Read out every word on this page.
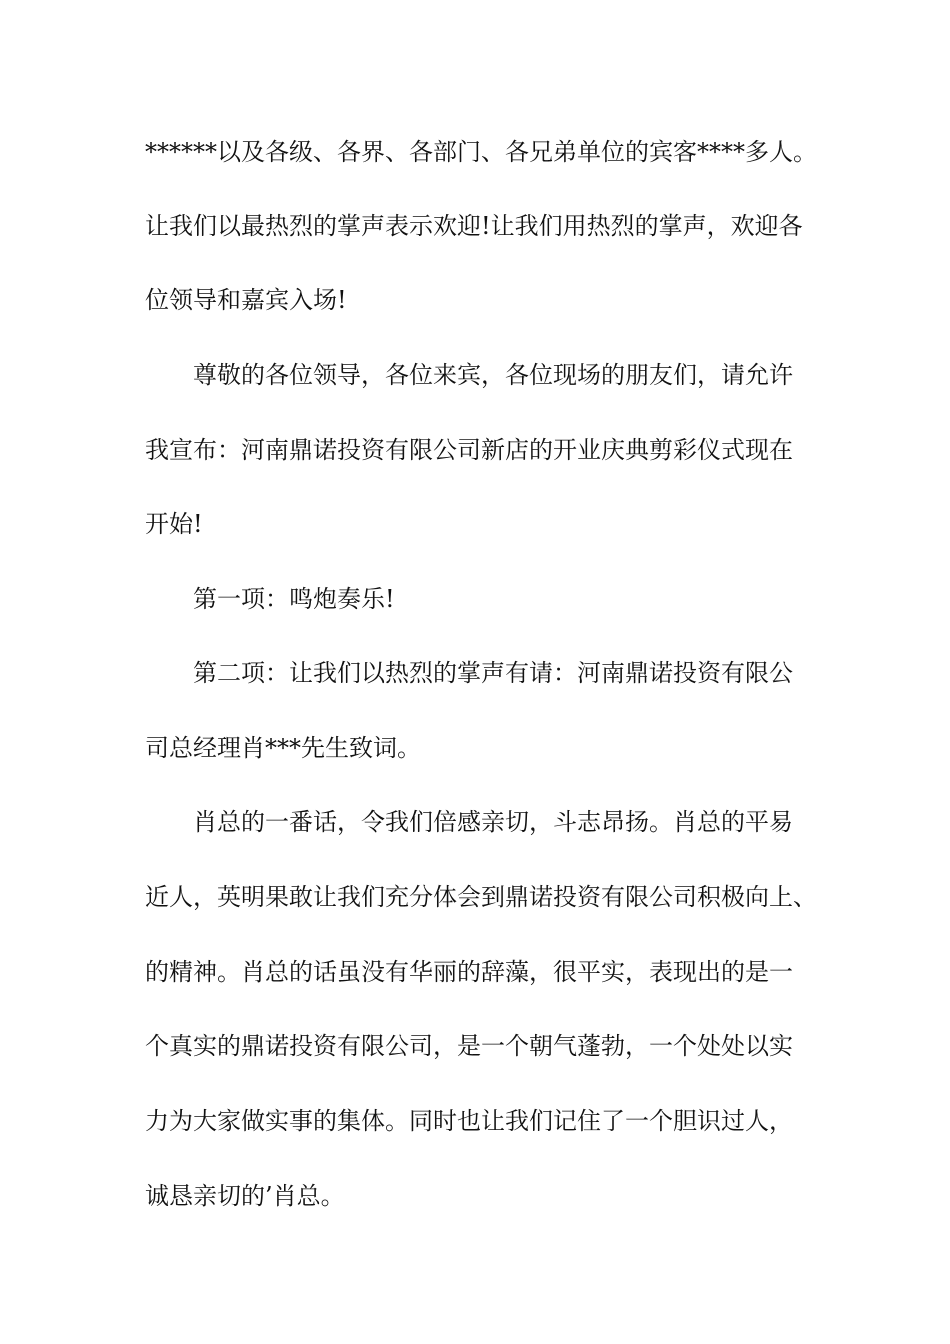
******以及各级、各界、各部门、各兄弟单位的宾客****多人。

让我们以最热烈的掌声表示欢迎!让我们用热烈的掌声，欢迎各

位领导和嘉宾入场!

尊敬的各位领导，各位来宾，各位现场的朋友们，请允许

我宣布：河南鼎诺投资有限公司新店的开业庆典剪彩仪式现在

开始!

第一项：鸣炮奏乐!

第二项：让我们以热烈的掌声有请：河南鼎诺投资有限公

司总经理肖***先生致词。

肖总的一番话，令我们倍感亲切，斗志昂扬。肖总的平易

近人，英明果敢让我们充分体会到鼎诺投资有限公司积极向上、

的精神。肖总的话虽没有华丽的辞藻，很平实，表现出的是一

个真实的鼎诺投资有限公司，是一个朝气蓬勃，一个处处以实

力为大家做实事的集体。同时也让我们记住了一个胆识过人，

诚恳亲切的’肖总。
